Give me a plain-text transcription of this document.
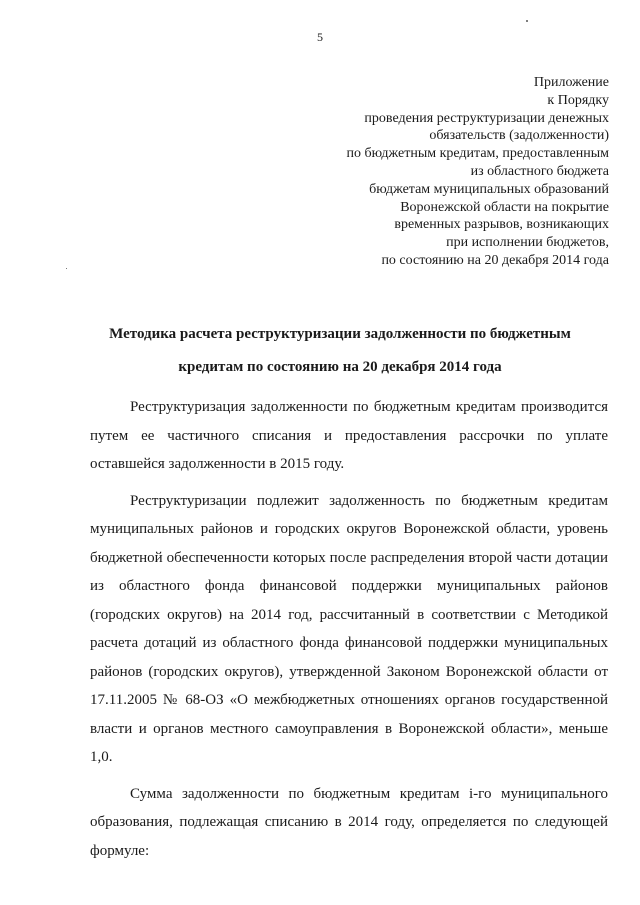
5
Приложение
к Порядку
проведения реструктуризации денежных
обязательств (задолженности)
по бюджетным кредитам, предоставленным
из областного бюджета
бюджетам муниципальных образований
Воронежской области на покрытие
временных разрывов, возникающих
при исполнении бюджетов,
по состоянию на 20 декабря 2014 года
Методика расчета реструктуризации задолженности по бюджетным
кредитам по состоянию на 20 декабря 2014 года

Реструктуризация задолженности по бюджетным кредитам производится путем ее частичного списания и предоставления рассрочки по уплате оставшейся задолженности в 2015 году.

Реструктуризации подлежит задолженность по бюджетным кредитам муниципальных районов и городских округов Воронежской области, уровень бюджетной обеспеченности которых после распределения второй части дотации из областного фонда финансовой поддержки муниципальных районов (городских округов) на 2014 год, рассчитанный в соответствии с Методикой расчета дотаций из областного фонда финансовой поддержки муниципальных районов (городских округов), утвержденной Законом Воронежской области от 17.11.2005 № 68-ОЗ «О межбюджетных отношениях органов государственной власти и органов местного самоуправления в Воронежской области», меньше 1,0.

Сумма задолженности по бюджетным кредитам i-го муниципального образования, подлежащая списанию в 2014 году, определяется по следующей формуле:
